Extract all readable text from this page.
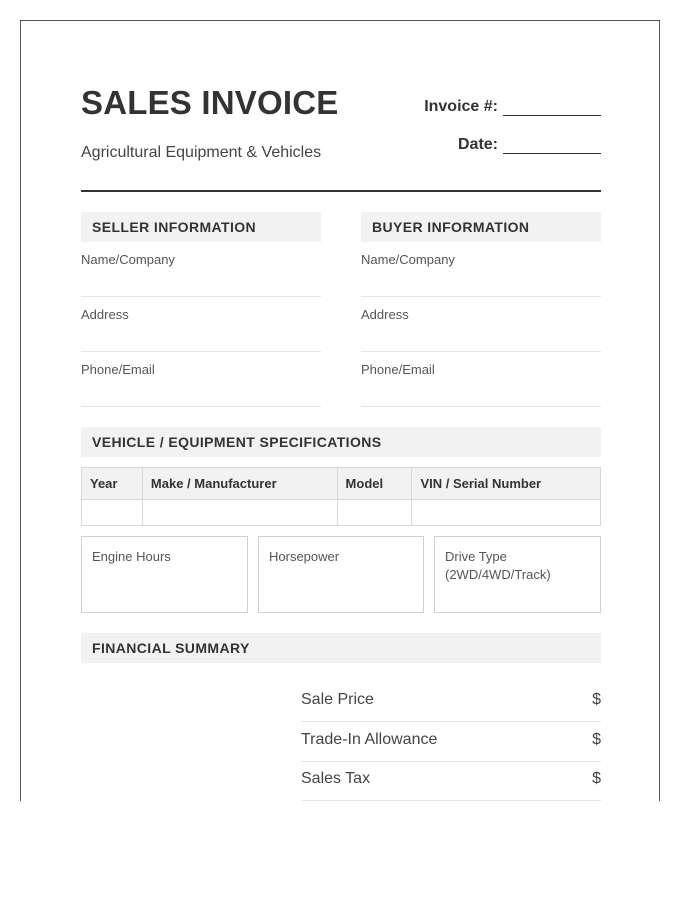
SALES INVOICE
Agricultural Equipment & Vehicles
Invoice #:
Date:
SELLER INFORMATION
Name/Company
Address
Phone/Email
BUYER INFORMATION
Name/Company
Address
Phone/Email
VEHICLE / EQUIPMENT SPECIFICATIONS
Year	Make / Manufacturer	Model	VIN / Serial Number

Engine Hours	Horsepower	Drive Type
(2WD/4WD/Track)
FINANCIAL SUMMARY
Sale Price	$
Trade-In Allowance	$
Sales Tax	$
